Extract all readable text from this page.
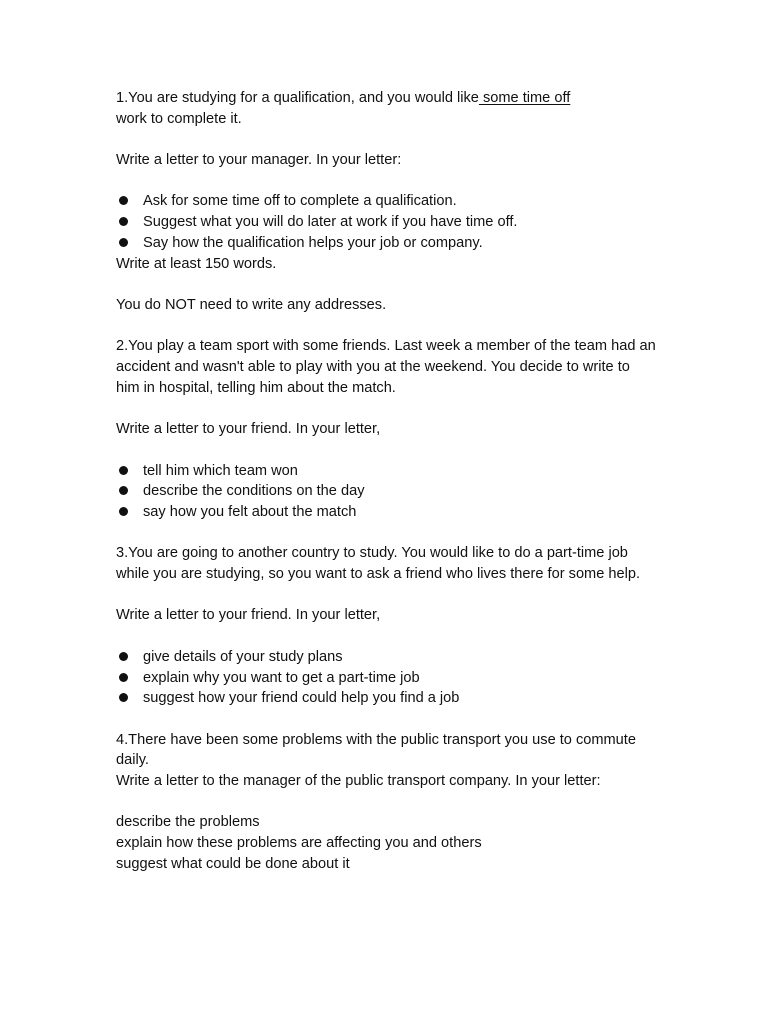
1.You are studying for a qualification, and you would like some time off
work to complete it.

Write a letter to your manager. In your letter:

Ask for some time off to complete a qualification.
Suggest what you will do later at work if you have time off.
Say how the qualification helps your job or company.

Write at least 150 words.

You do NOT need to write any addresses.

2.You play a team sport with some friends. Last week a member of the team had an accident and wasn't able to play with you at the weekend. You decide to write to him in hospital, telling him about the match.

Write a letter to your friend. In your letter,

tell him which team won
describe the conditions on the day
say how you felt about the match

3.You are going to another country to study. You would like to do a part-time job while you are studying, so you want to ask a friend who lives there for some help.

Write a letter to your friend. In your letter,

give details of your study plans
explain why you want to get a part-time job
suggest how your friend could help you find a job

4.There have been some problems with the public transport you use to commute daily.

Write a letter to the manager of the public transport company. In your letter:

describe the problems

explain how these problems are affecting you and others

suggest what could be done about it
